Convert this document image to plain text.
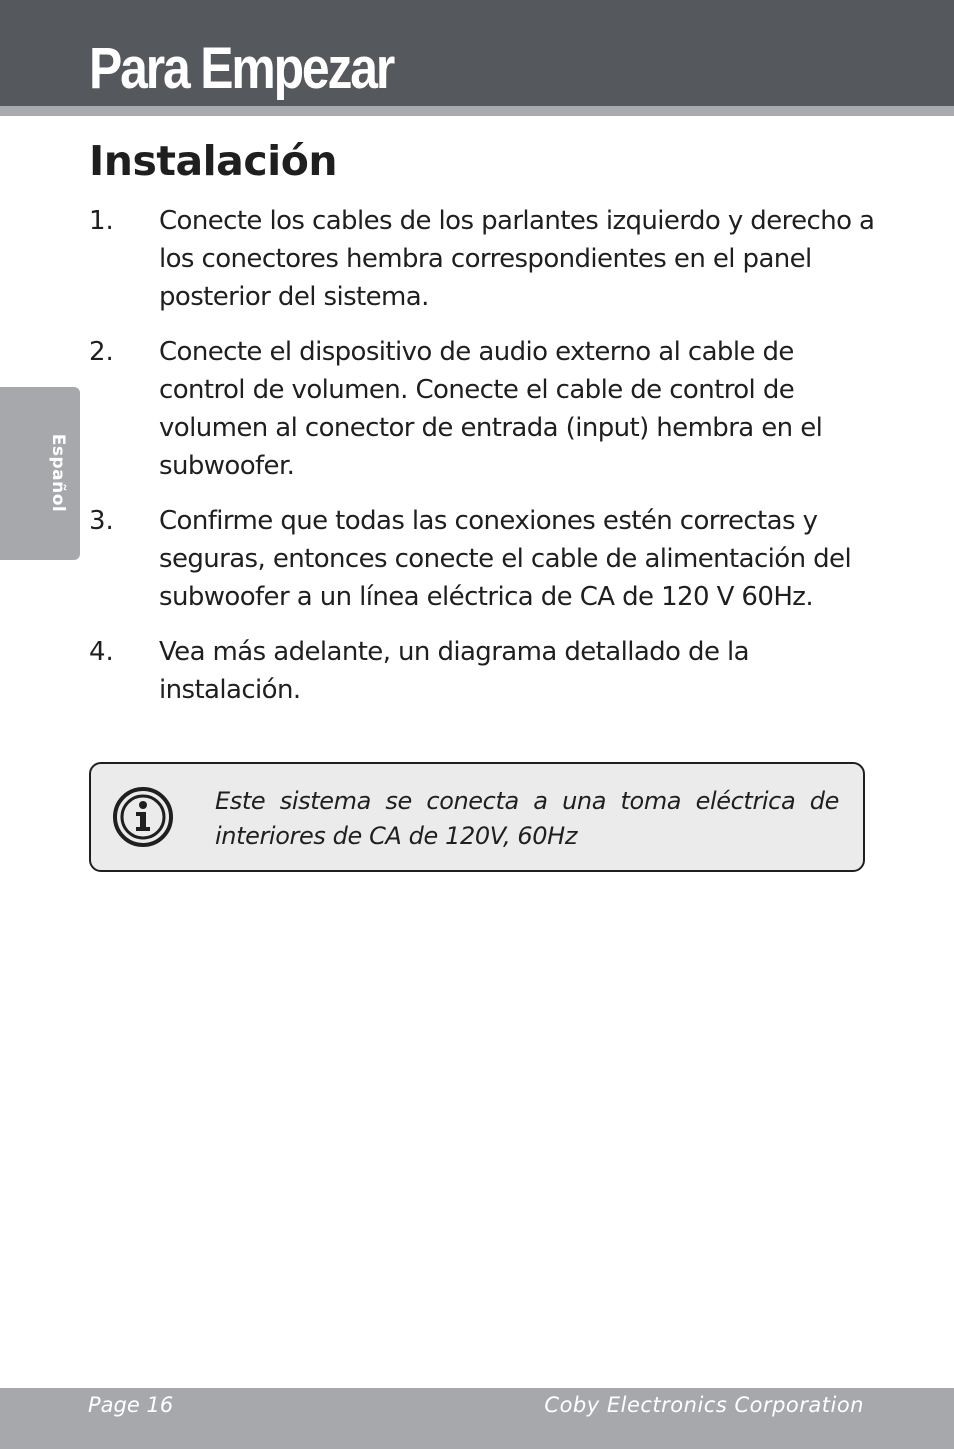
Para Empezar
Instalación
Español
1.	Conecte los cables de los parlantes izquierdo y derecho a los conectores hembra correspondientes en el panel posterior del sistema.
2.	Conecte el dispositivo de audio externo al cable de control de volumen. Conecte el cable de control de volumen al conector de entrada (input) hembra en el subwoofer.
3.	Confirme que todas las conexiones estén correctas y seguras, entonces conecte el cable de alimentación del subwoofer a un línea eléctrica de CA de 120 V 60Hz.
4.	Vea más adelante, un diagrama detallado de la instalación.

Este sistema se conecta a una toma eléctrica de interiores de CA de 120V, 60Hz

Page 16	Coby Electronics Corporation
